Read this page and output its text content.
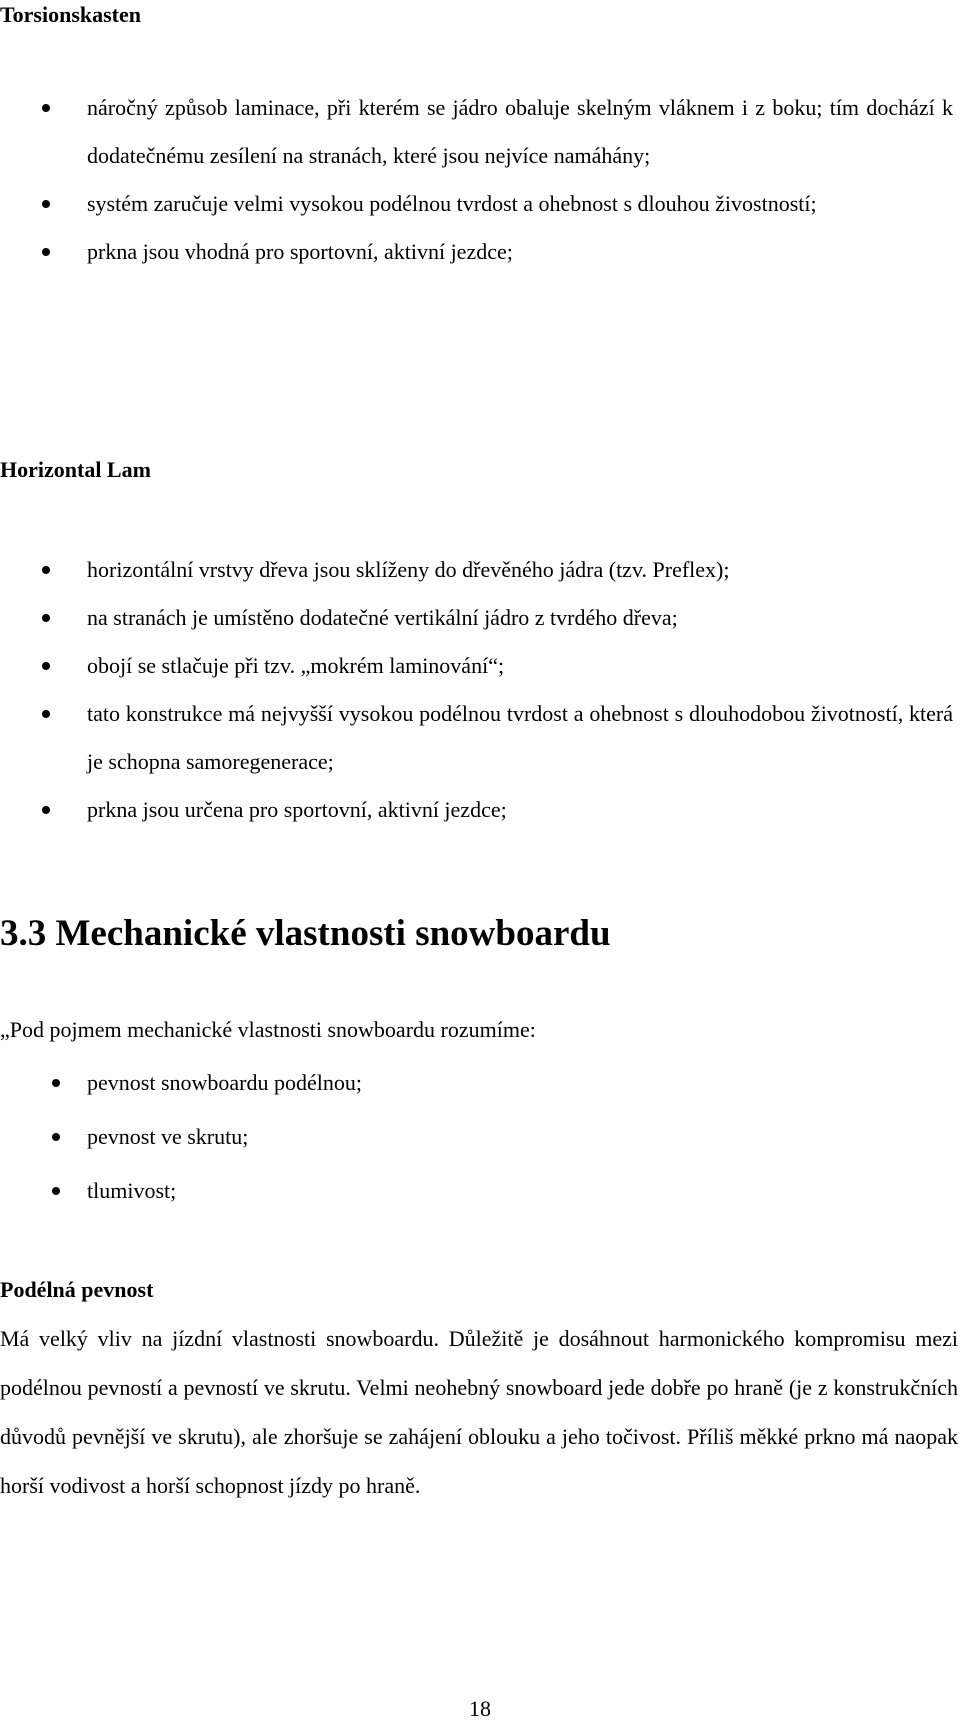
Torsionskasten
náročný způsob laminace, při kterém se jádro obaluje skelným vláknem i z boku; tím dochází k dodatečnému zesílení na stranách, které jsou nejvíce namáhány;
systém zaručuje velmi vysokou podélnou tvrdost a ohebnost s dlouhou živostností;
prkna jsou vhodná pro sportovní, aktivní jezdce;
Horizontal Lam
horizontální vrstvy dřeva jsou sklíženy do dřevěného jádra (tzv. Preflex);
na stranách je umístěno dodatečné vertikální jádro z tvrdého dřeva;
obojí se stlačuje při tzv. „mokrém laminování“;
tato konstrukce má nejvyšší vysokou podélnou tvrdost a ohebnost s dlouhodobou životností, která je schopna samoregenerace;
prkna jsou určena pro sportovní, aktivní jezdce;
3.3 Mechanické vlastnosti snowboardu
„Pod pojmem mechanické vlastnosti snowboardu rozumíme:
pevnost snowboardu podélnou;
pevnost ve skrutu;
tlumivost;
Podélná pevnost
Má velký vliv na jízdní vlastnosti snowboardu. Důležitě je dosáhnout harmonického kompromisu mezi podélnou pevností a pevností ve skrutu. Velmi neohebný snowboard jede dobře po hraně (je z konstrukčních důvodů pevnější ve skrutu), ale zhoršuje se zahájení oblouku a jeho točivost. Příliš měkké prkno má naopak horší vodivost a horší schopnost jízdy po hraně.
18
